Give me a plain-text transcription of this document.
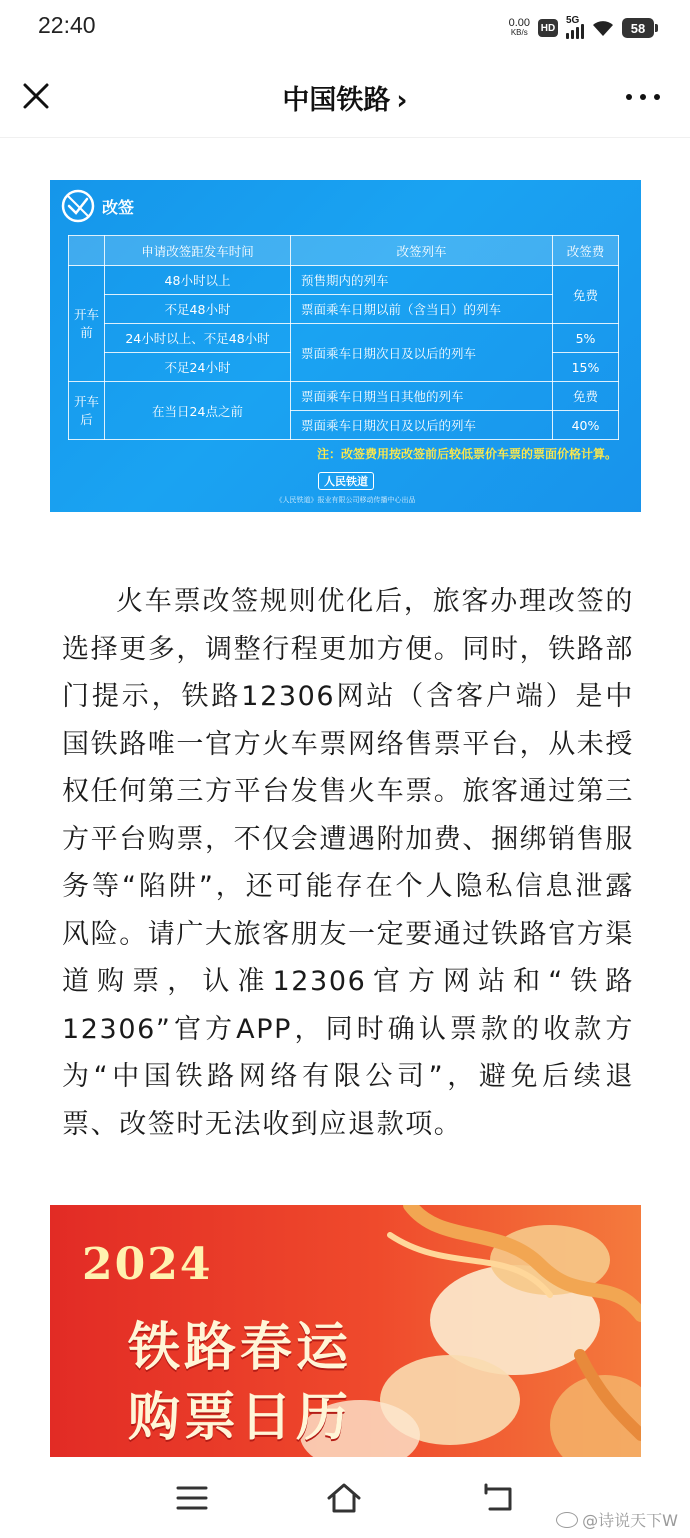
22:40	0.00
KB/s HD
5G	58
中国铁路 ›
改签
	申请改签距发车时间	改签列车	改签费
开车前	48小时以上	预售期内的列车	免费
	不足48小时	票面乘车日期以前（含当日）的列车	
	24小时以上、不足48小时	票面乘车日期次日及以后的列车	5%
	不足24小时		15%
开车后	在当日24点之前	票面乘车日期当日其他的列车	免费
		票面乘车日期次日及以后的列车	40%
注：改签费用按改签前后较低票价车票的票面价格计算。
人民铁道
《人民铁道》报业有限公司移动传播中心出品

火车票改签规则优化后，旅客办理改签的选择更多，调整行程更加方便。同时，铁路部门提示，铁路12306网站（含客户端）是中国铁路唯一官方火车票网络售票平台，从未授权任何第三方平台发售火车票。旅客通过第三方平台购票，不仅会遭遇附加费、捆绑销售服务等“陷阱”，还可能存在个人隐私信息泄露风险。请广大旅客朋友一定要通过铁路官方渠道购票，认准12306官方网站和“铁路12306”官方APP，同时确认票款的收款方为“中国铁路网络有限公司”，避免后续退票、改签时无法收到应退款项。

2024
铁路春运
购票日历
@诗说天下W
